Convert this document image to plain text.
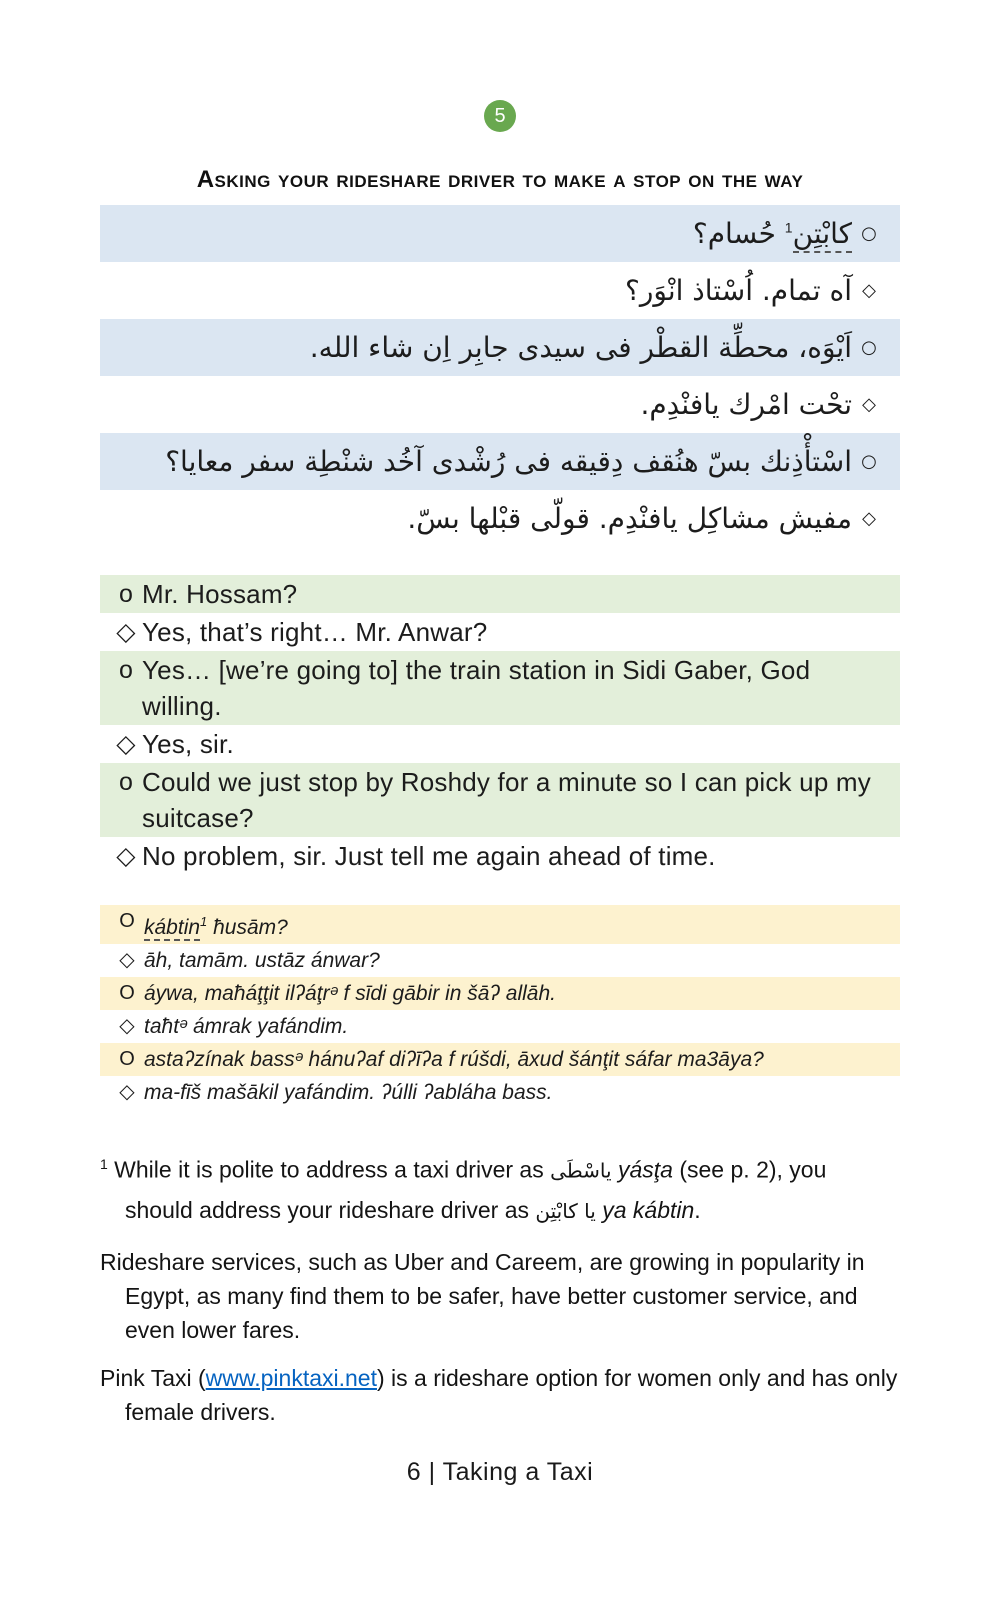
5
Asking your rideshare driver to make a stop on the way
○
كابْتِن$^1$ حُسام؟
◇
آه تمام. اُسْتاذ انْوَر؟
○
اَيْوَه، محطِّة القطْر فى سيدى جابِر اِن شاء الله.
◇
تحْت امْرك يافنْدِم.
○
اسْتأْذِنك بسّ هنُقف دِقيقه فى رُشْدى آخُد شنْطِة سفر معايا؟
◇
مفيش مشاكِل يافنْدِم. قولّى قبْلها بسّ.
o Mr. Hossam?
◇ Yes, that’s right… Mr. Anwar?
o Yes… [we’re going to] the train station in Sidi Gaber, God willing.
◇ Yes, sir.
o Could we just stop by Roshdy for a minute so I can pick up my suitcase?
◇ No problem, sir. Just tell me again ahead of time.
O kábtin$^1$ ħusām?
◇ āh, tamām. ustāz ánwar?
O áywa, maħáţţit ilʔáţrᵊ f sīdi gābir in šāʔ allāh.
◇ taħtᵊ ámrak yafándim.
O astaʔzínak bassᵊ hánuʔaf diʔīʔa f rúšdi, āxud šánţit sáfar ma3āya?
◇ ma-fīš mašākil yafándim. ʔúlli ʔabláha bass.
$^1$ While it is polite to address a taxi driver as ياسْطَى yásţa (see p. 2), you should address your rideshare driver as يا كابْتِن ya kábtin.
Rideshare services, such as Uber and Careem, are growing in popularity in Egypt, as many find them to be safer, have better customer service, and even lower fares.
Pink Taxi (www.pinktaxi.net) is a rideshare option for women only and has only female drivers.
6 | Taking a Taxi
